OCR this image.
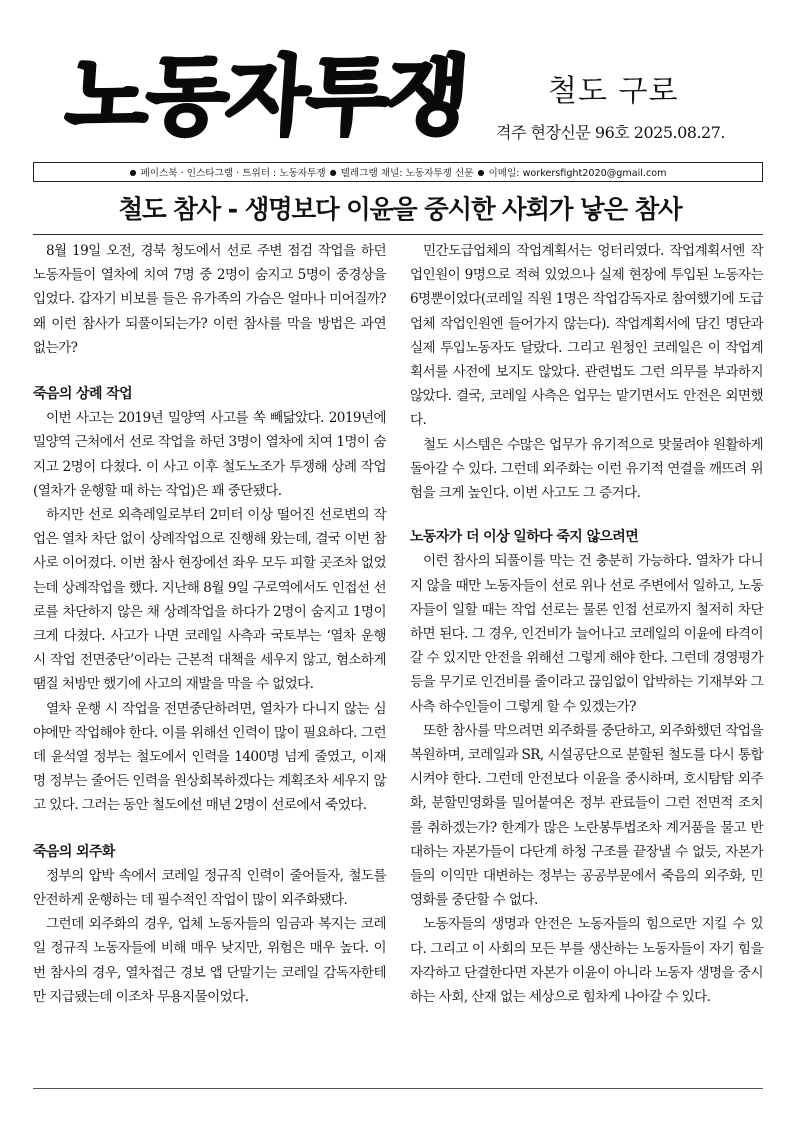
노동자투쟁	철도 구로
격주 현장신문 96호 2025.08.27.
● 페이스북 · 인스타그램 · 트위터 : 노동자투쟁 ● 텔레그램 채널: 노동자투쟁 신문 ● 이메일: workersfight2020@gmail.com
철도 참사 - 생명보다 이윤을 중시한 사회가 낳은 참사

8월 19일 오전, 경북 청도에서 선로 주변 점검 작업을 하던 노동자들이 열차에 치여 7명 중 2명이 숨지고 5명이 중경상을 입었다. 갑자기 비보를 들은 유가족의 가슴은 얼마나 미어질까? 왜 이런 참사가 되풀이되는가? 이런 참사를 막을 방법은 과연 없는가?

죽음의 상례 작업

이번 사고는 2019년 밀양역 사고를 쏙 빼닮았다. 2019년에 밀양역 근처에서 선로 작업을 하던 3명이 열차에 치여 1명이 숨지고 2명이 다쳤다. 이 사고 이후 철도노조가 투쟁해 상례 작업(열차가 운행할 때 하는 작업)은 꽤 중단됐다.

하지만 선로 외측레일로부터 2미터 이상 떨어진 선로변의 작업은 열차 차단 없이 상례작업으로 진행해 왔는데, 결국 이번 참사로 이어졌다. 이번 참사 현장에선 좌우 모두 피할 곳조차 없었는데 상례작업을 했다. 지난해 8월 9일 구로역에서도 인접선 선로를 차단하지 않은 채 상례작업을 하다가 2명이 숨지고 1명이 크게 다쳤다. 사고가 나면 코레일 사측과 국토부는 ‘열차 운행 시 작업 전면중단’이라는 근본적 대책을 세우지 않고, 혐소하게 땜질 처방만 했기에 사고의 재발을 막을 수 없었다.

열차 운행 시 작업을 전면중단하려면, 열차가 다니지 않는 심야에만 작업해야 한다. 이를 위해선 인력이 많이 필요하다. 그런데 윤석열 정부는 철도에서 인력을 1400명 넘게 줄였고, 이재명 정부는 줄어든 인력을 원상회복하겠다는 계획조차 세우지 않고 있다. 그러는 동안 철도에선 매년 2명이 선로에서 죽었다.

죽음의 외주화

정부의 압박 속에서 코레일 정규직 인력이 줄어들자, 철도를 안전하게 운행하는 데 필수적인 작업이 많이 외주화됐다.

그런데 외주화의 경우, 업체 노동자들의 임금과 복지는 코레일 정규직 노동자들에 비해 매우 낮지만, 위험은 매우 높다. 이번 참사의 경우, 열차접근 경보 앱 단말기는 코레일 감독자한테만 지급됐는데 이조차 무용지물이었다.

민간도급업체의 작업계획서는 엉터리였다. 작업계획서엔 작업인원이 9명으로 적혀 있었으나 실제 현장에 투입된 노동자는 6명뿐이었다(코레일 직원 1명은 작업감독자로 참여했기에 도급업체 작업인원엔 들어가지 않는다). 작업계획서에 담긴 명단과 실제 투입노동자도 달랐다. 그리고 원청인 코레일은 이 작업계획서를 사전에 보지도 않았다. 관련법도 그런 의무를 부과하지 않았다. 결국, 코레일 사측은 업무는 맡기면서도 안전은 외면했다.

철도 시스템은 수많은 업무가 유기적으로 맞물려야 원활하게 돌아갈 수 있다. 그런데 외주화는 이런 유기적 연결을 깨뜨려 위험을 크게 높인다. 이번 사고도 그 증거다.

노동자가 더 이상 일하다 죽지 않으려면

이런 참사의 되풀이를 막는 건 충분히 가능하다. 열차가 다니지 않을 때만 노동자들이 선로 위나 선로 주변에서 일하고, 노동자들이 일할 때는 작업 선로는 물론 인접 선로까지 철저히 차단하면 된다. 그 경우, 인건비가 늘어나고 코레일의 이윤에 타격이 갈 수 있지만 안전을 위해선 그렇게 해야 한다. 그런데 경영평가 등을 무기로 인건비를 줄이라고 끊임없이 압박하는 기재부와 그 사측 하수인들이 그렇게 할 수 있겠는가?

또한 참사를 막으려면 외주화를 중단하고, 외주화했던 작업을 복원하며, 코레일과 SR, 시설공단으로 분할된 철도를 다시 통합시켜야 한다. 그런데 안전보다 이윤을 중시하며, 호시탐탐 외주화, 분할민영화를 밀어붙여온 정부 관료들이 그런 전면적 조치를 취하겠는가? 한계가 많은 노란봉투법조차 계거품을 물고 반대하는 자본가들이 다단계 하청 구조를 끝장낼 수 없듯, 자본가들의 이익만 대변하는 정부는 공공부문에서 죽음의 외주화, 민영화를 중단할 수 없다.

노동자들의 생명과 안전은 노동자들의 힘으로만 지킬 수 있다. 그리고 이 사회의 모든 부를 생산하는 노동자들이 자기 힘을 자각하고 단결한다면 자본가 이윤이 아니라 노동자 생명을 중시하는 사회, 산재 없는 세상으로 힘차게 나아갈 수 있다.
